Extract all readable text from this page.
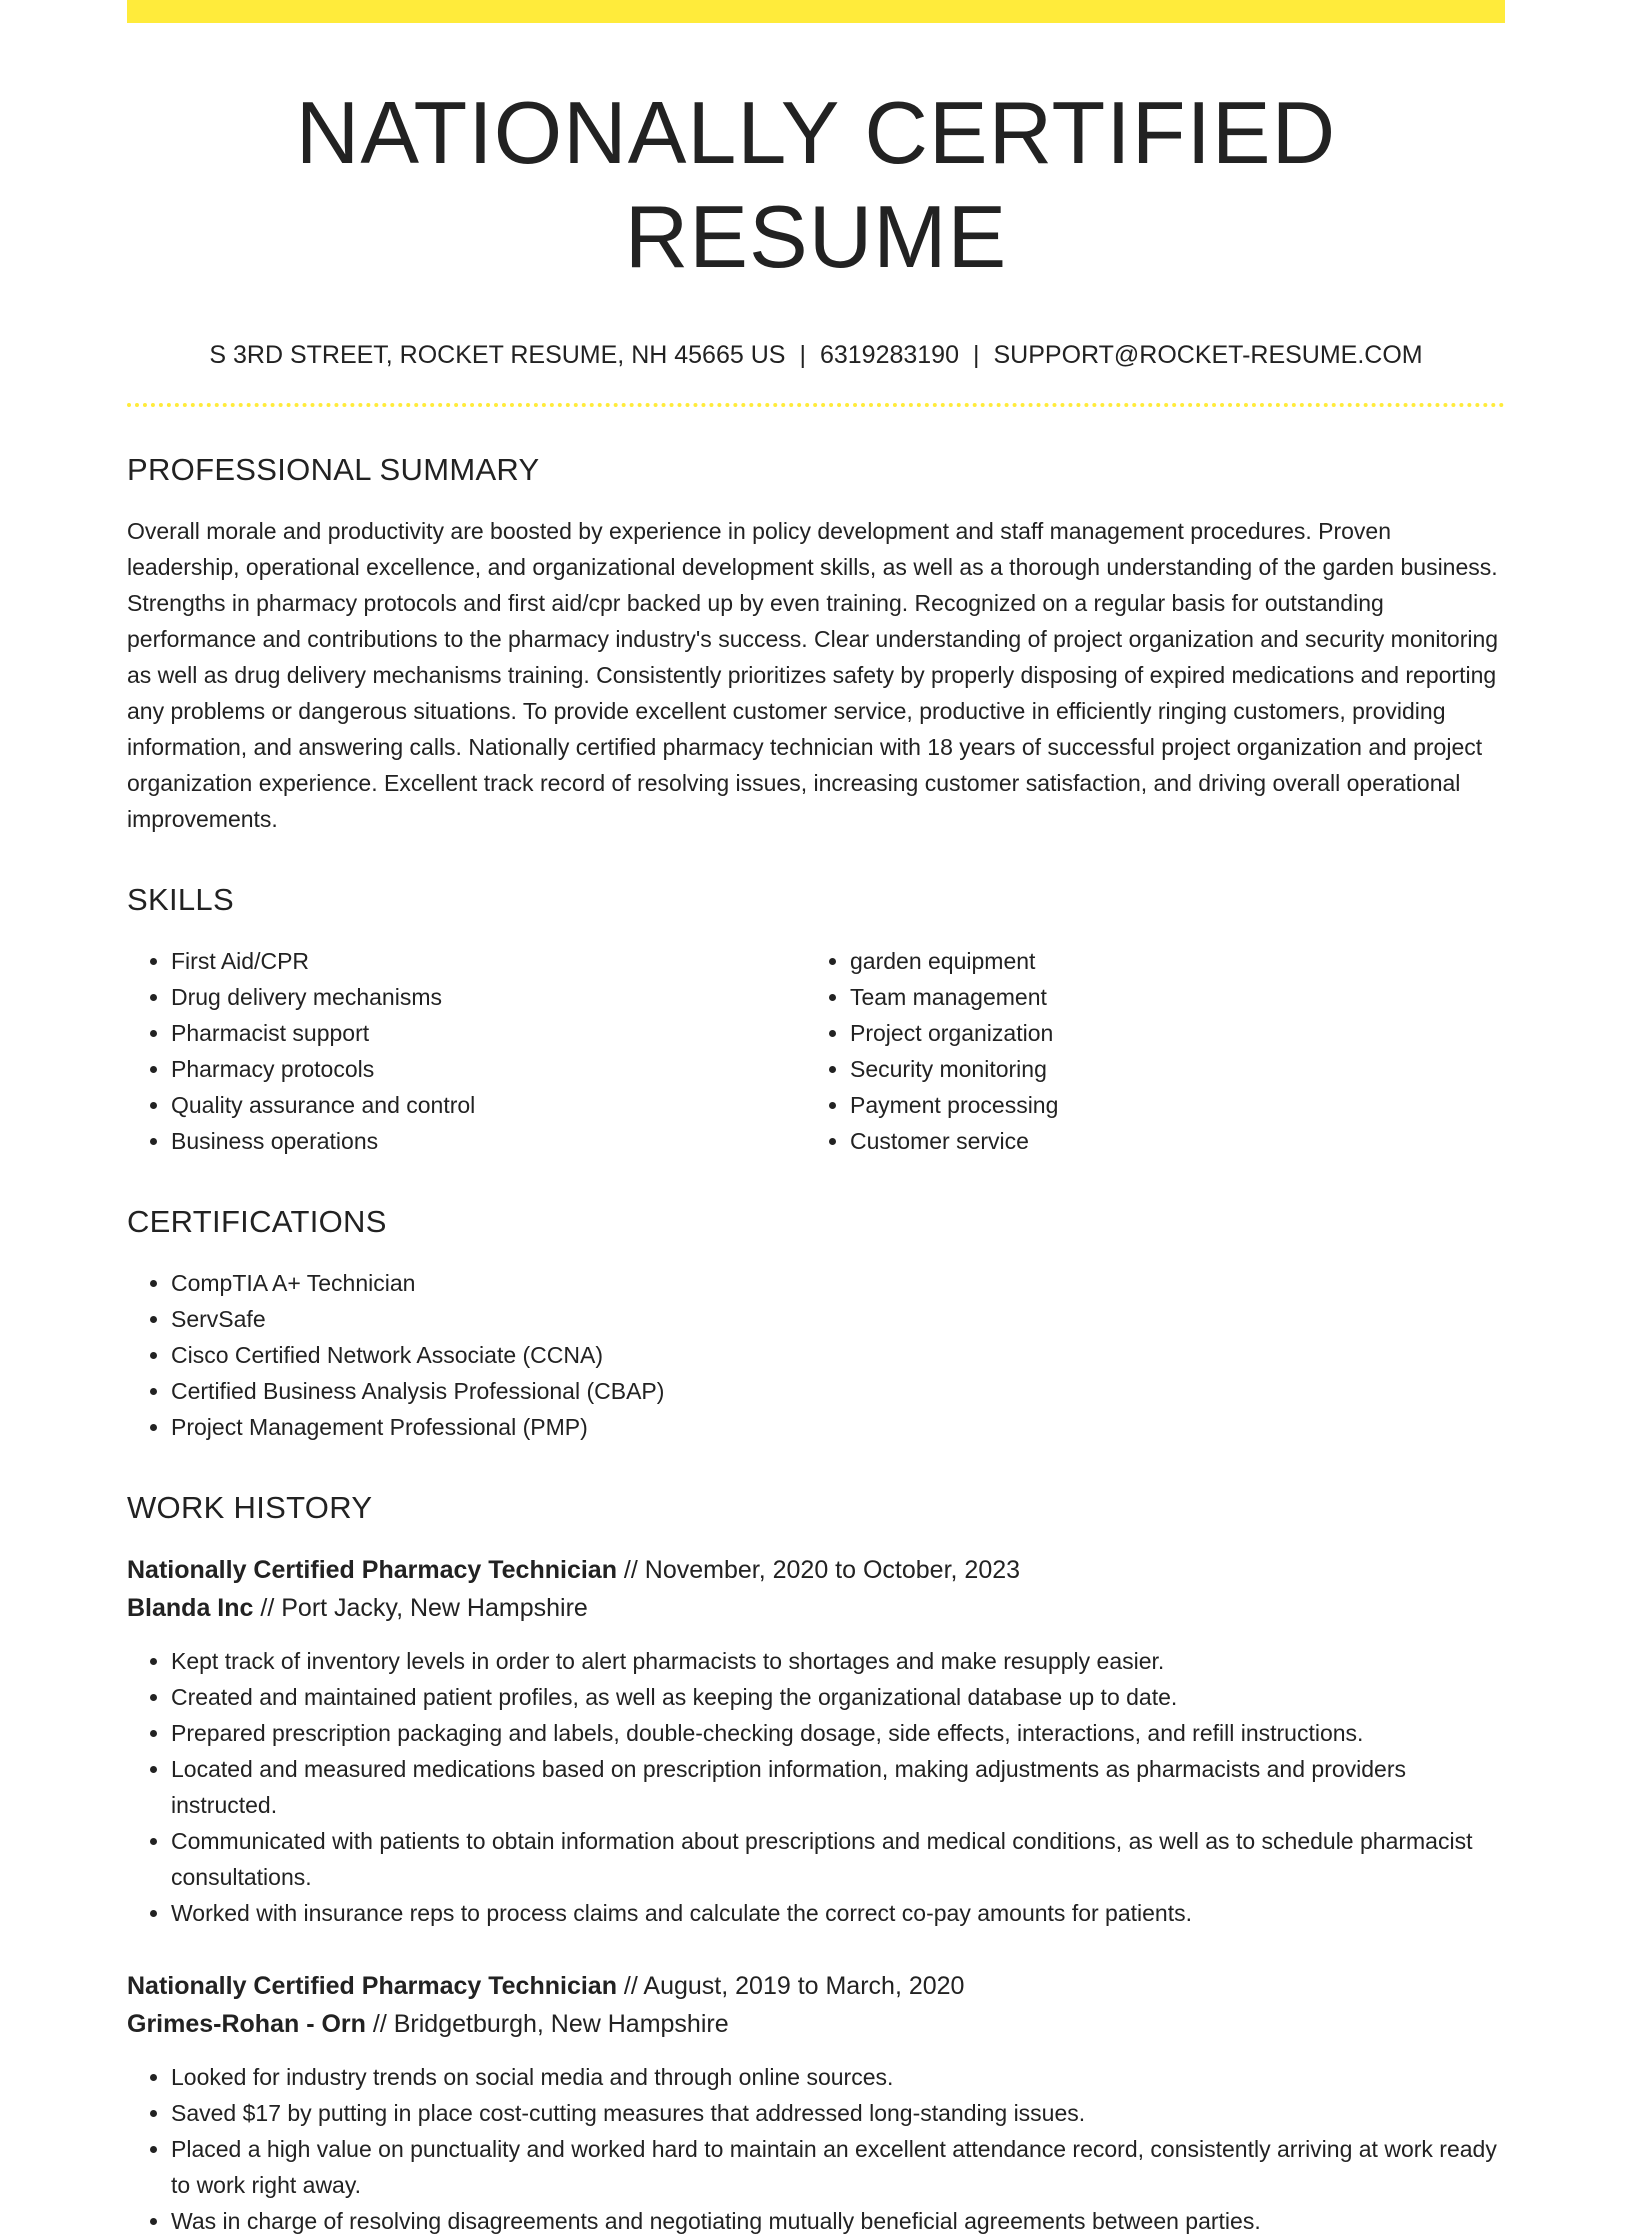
NATIONALLY CERTIFIED RESUME
S 3RD STREET, ROCKET RESUME, NH 45665 US | 6319283190 | SUPPORT@ROCKET-RESUME.COM
PROFESSIONAL SUMMARY
Overall morale and productivity are boosted by experience in policy development and staff management procedures. Proven leadership, operational excellence, and organizational development skills, as well as a thorough understanding of the garden business. Strengths in pharmacy protocols and first aid/cpr backed up by even training. Recognized on a regular basis for outstanding performance and contributions to the pharmacy industry's success. Clear understanding of project organization and security monitoring as well as drug delivery mechanisms training. Consistently prioritizes safety by properly disposing of expired medications and reporting any problems or dangerous situations. To provide excellent customer service, productive in efficiently ringing customers, providing information, and answering calls. Nationally certified pharmacy technician with 18 years of successful project organization and project organization experience. Excellent track record of resolving issues, increasing customer satisfaction, and driving overall operational improvements.
SKILLS
• First Aid/CPR
• Drug delivery mechanisms
• Pharmacist support
• Pharmacy protocols
• Quality assurance and control
• Business operations
• garden equipment
• Team management
• Project organization
• Security monitoring
• Payment processing
• Customer service
CERTIFICATIONS
• CompTIA A+ Technician
• ServSafe
• Cisco Certified Network Associate (CCNA)
• Certified Business Analysis Professional (CBAP)
• Project Management Professional (PMP)
WORK HISTORY
Nationally Certified Pharmacy Technician // November, 2020 to October, 2023
Blanda Inc // Port Jacky, New Hampshire
• Kept track of inventory levels in order to alert pharmacists to shortages and make resupply easier.
• Created and maintained patient profiles, as well as keeping the organizational database up to date.
• Prepared prescription packaging and labels, double-checking dosage, side effects, interactions, and refill instructions.
• Located and measured medications based on prescription information, making adjustments as pharmacists and providers instructed.
• Communicated with patients to obtain information about prescriptions and medical conditions, as well as to schedule pharmacist consultations.
• Worked with insurance reps to process claims and calculate the correct co-pay amounts for patients.
Nationally Certified Pharmacy Technician // August, 2019 to March, 2020
Grimes-Rohan - Orn // Bridgetburgh, New Hampshire
• Looked for industry trends on social media and through online sources.
• Saved $17 by putting in place cost-cutting measures that addressed long-standing issues.
• Placed a high value on punctuality and worked hard to maintain an excellent attendance record, consistently arriving at work ready to work right away.
• Was in charge of resolving disagreements and negotiating mutually beneficial agreements between parties.
